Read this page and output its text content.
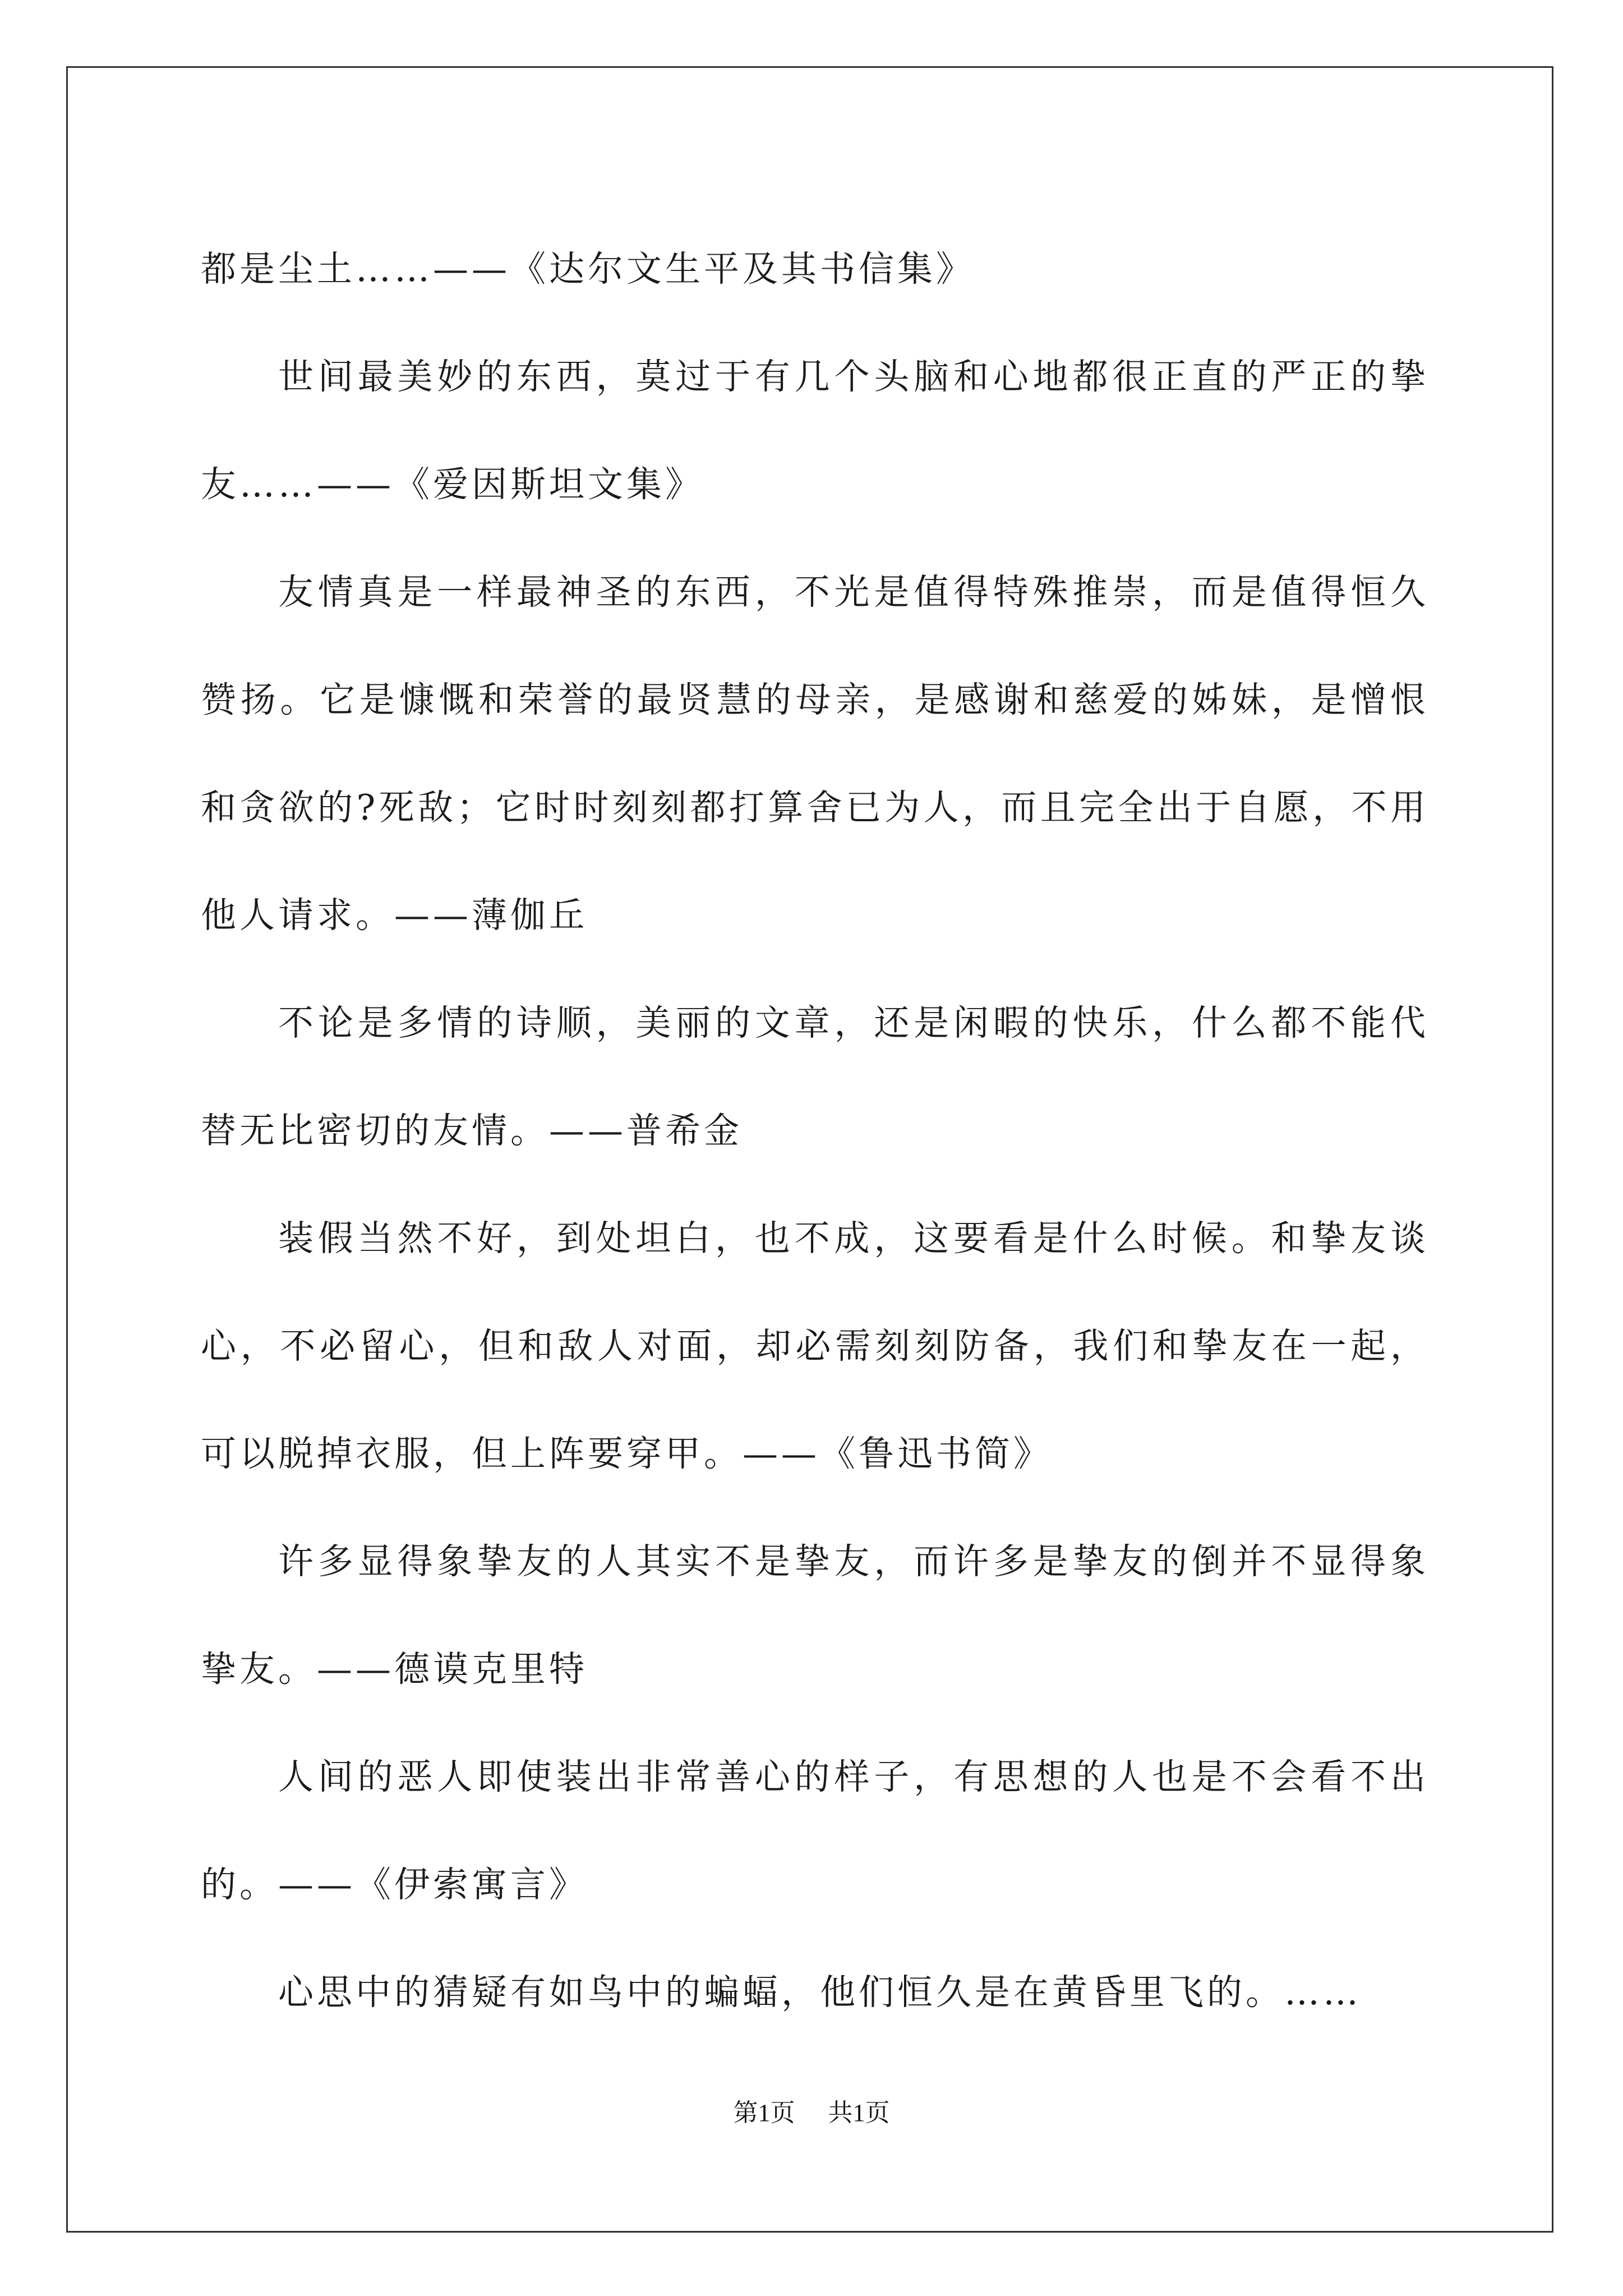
都是尘土……——《达尔文生平及其书信集》

世间最美妙的东西，莫过于有几个头脑和心地都很正直的严正的挚友……——《爱因斯坦文集》

友情真是一样最神圣的东西，不光是值得特殊推崇，而是值得恒久赞扬。它是慷慨和荣誉的最贤慧的母亲，是感谢和慈爱的姊妹，是憎恨和贪欲的?死敌；它时时刻刻都打算舍已为人，而且完全出于自愿，不用他人请求。——薄伽丘

不论是多情的诗顺，美丽的文章，还是闲暇的快乐，什么都不能代替无比密切的友情。——普希金

装假当然不好，到处坦白，也不成，这要看是什么时候。和挚友谈心，不必留心，但和敌人对面，却必需刻刻防备，我们和挚友在一起，可以脱掉衣服，但上阵要穿甲。——《鲁迅书简》

许多显得象挚友的人其实不是挚友，而许多是挚友的倒并不显得象挚友。——德谟克里特

人间的恶人即使装出非常善心的样子，有思想的人也是不会看不出的。——《伊索寓言》

心思中的猜疑有如鸟中的蝙蝠，他们恒久是在黄昏里飞的。……

第1页 共1页
